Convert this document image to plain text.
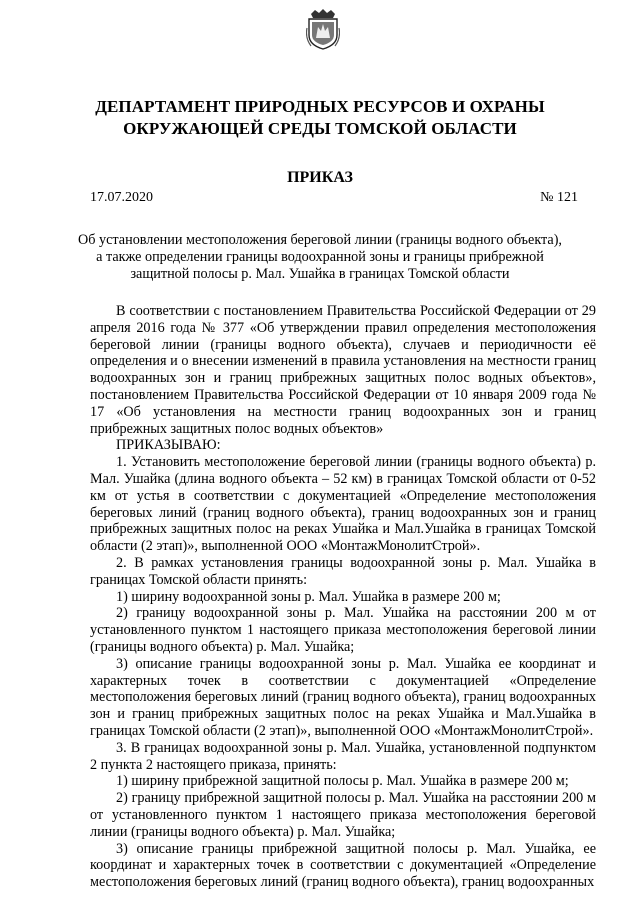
ДЕПАРТАМЕНТ ПРИРОДНЫХ РЕСУРСОВ И ОХРАНЫ
ОКРУЖАЮЩЕЙ СРЕДЫ ТОМСКОЙ ОБЛАСТИ
ПРИКАЗ
17.07.2020	№ 121
Об установлении местоположения береговой линии (границы водного объекта),
а также определении границы водоохранной зоны и границы прибрежной
защитной полосы р. Мал. Ушайка в границах Томской области

В соответствии с постановлением Правительства Российской Федерации от 29 апреля 2016 года № 377 «Об утверждении правил определения местоположения береговой линии (границы водного объекта), случаев и периодичности её определения и о внесении изменений в правила установления на местности границ водоохранных зон и границ прибрежных защитных полос водных объектов», постановлением Правительства Российской Федерации от 10 января 2009 года № 17 «Об установления на местности границ водоохранных зон и границ прибрежных защитных полос водных объектов»

ПРИКАЗЫВАЮ:

1. Установить местоположение береговой линии (границы водного объекта) р. Мал. Ушайка (длина водного объекта – 52 км) в границах Томской области от 0-52 км от устья в соответствии с документацией «Определение местоположения береговых линий (границ водного объекта), границ водоохранных зон и границ прибрежных защитных полос на реках Ушайка и Мал.Ушайка в границах Томской области (2 этап)», выполненной ООО «МонтажМонолитСтрой».

2. В рамках установления границы водоохранной зоны р. Мал. Ушайка в границах Томской области принять:

1) ширину водоохранной зоны р. Мал. Ушайка в размере 200 м;

2) границу водоохранной зоны р. Мал. Ушайка на расстоянии 200 м от установленного пунктом 1 настоящего приказа местоположения береговой линии (границы водного объекта) р. Мал. Ушайка;

3) описание границы водоохранной зоны р. Мал. Ушайка ее координат и характерных точек в соответствии с документацией «Определение местоположения береговых линий (границ водного объекта), границ водоохранных зон и границ прибрежных защитных полос на реках Ушайка и Мал.Ушайка в границах Томской области (2 этап)», выполненной ООО «МонтажМонолитСтрой».

3. В границах водоохранной зоны р. Мал. Ушайка, установленной подпунктом 2 пункта 2 настоящего приказа, принять:

1) ширину прибрежной защитной полосы р. Мал. Ушайка в размере 200 м;

2) границу прибрежной защитной полосы р. Мал. Ушайка на расстоянии 200 м от установленного пунктом 1 настоящего приказа местоположения береговой линии (границы водного объекта) р. Мал. Ушайка;

3) описание границы прибрежной защитной полосы р. Мал. Ушайка, ее координат и характерных точек в соответствии с документацией «Определение местоположения береговых линий (границ водного объекта), границ водоохранных
